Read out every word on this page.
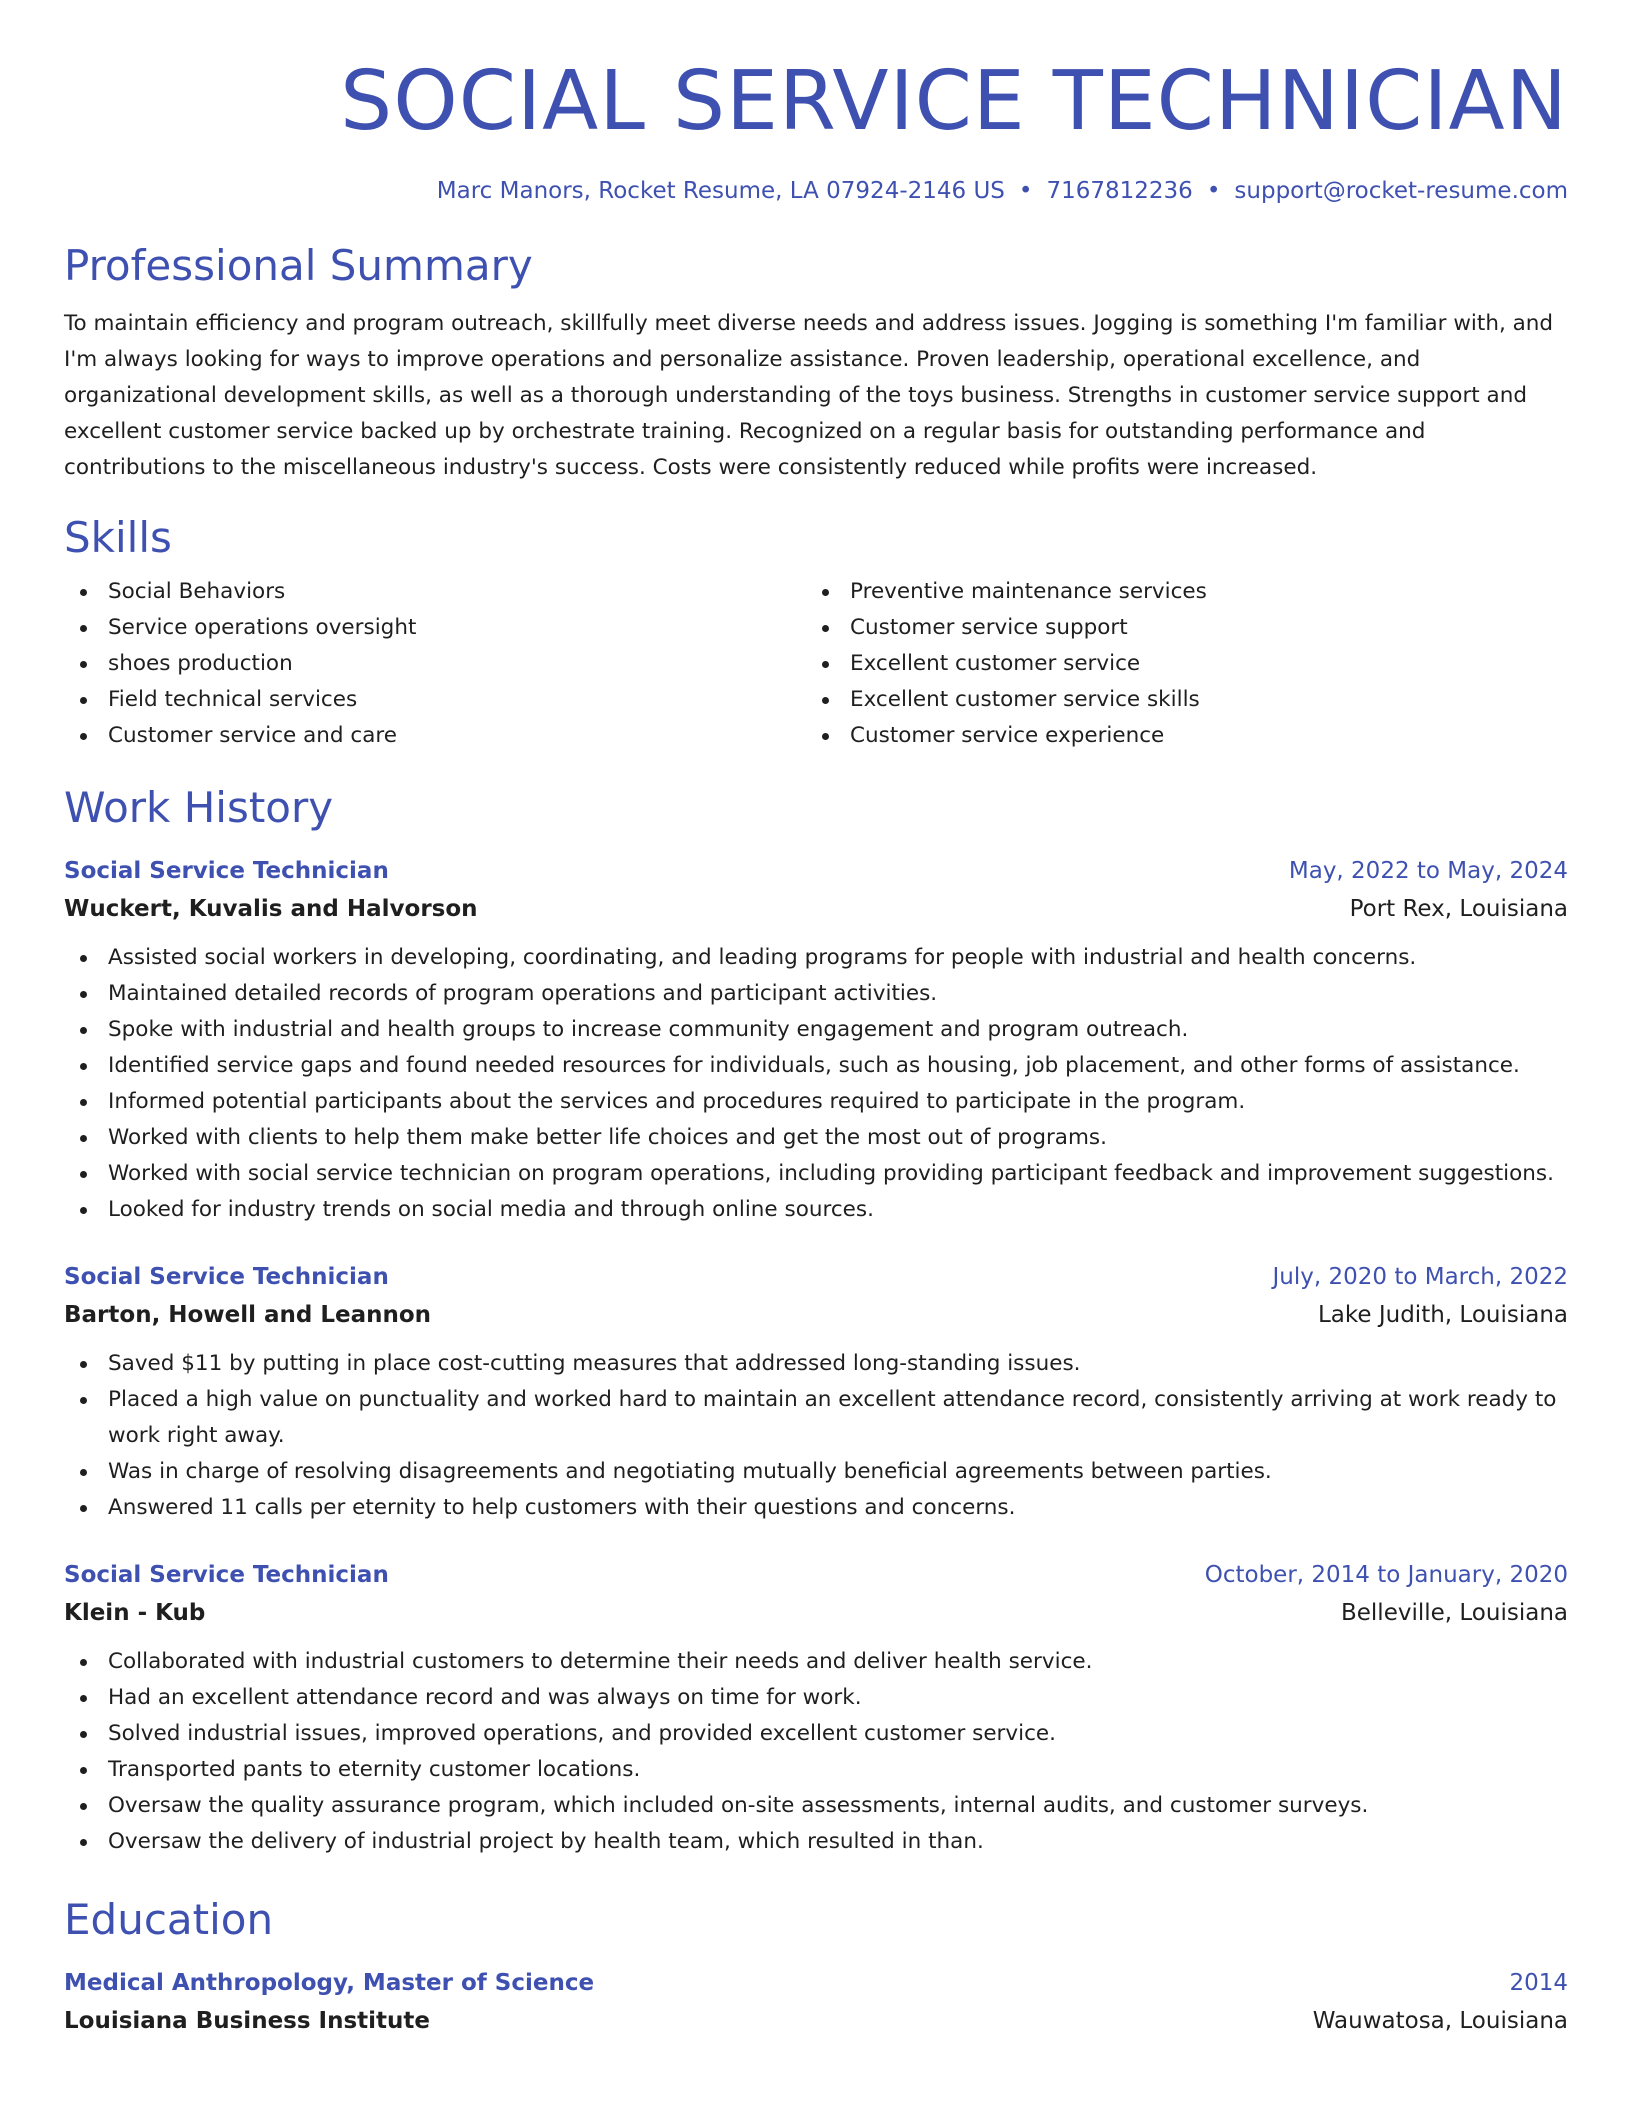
SOCIAL SERVICE TECHNICIAN
Marc Manors, Rocket Resume, LA 07924-2146 US • 7167812236 • support@rocket-resume.com
Professional Summary
To maintain efficiency and program outreach, skillfully meet diverse needs and address issues. Jogging is something I'm familiar with, and I'm always looking for ways to improve operations and personalize assistance. Proven leadership, operational excellence, and organizational development skills, as well as a thorough understanding of the toys business. Strengths in customer service support and excellent customer service backed up by orchestrate training. Recognized on a regular basis for outstanding performance and contributions to the miscellaneous industry's success. Costs were consistently reduced while profits were increased.
Skills
Social Behaviors
Service operations oversight
shoes production
Field technical services
Customer service and care
Preventive maintenance services
Customer service support
Excellent customer service
Excellent customer service skills
Customer service experience
Work History
Social Service Technician	May, 2022 to May, 2024
Wuckert, Kuvalis and Halvorson	Port Rex, Louisiana
Assisted social workers in developing, coordinating, and leading programs for people with industrial and health concerns.
Maintained detailed records of program operations and participant activities.
Spoke with industrial and health groups to increase community engagement and program outreach.
Identified service gaps and found needed resources for individuals, such as housing, job placement, and other forms of assistance.
Informed potential participants about the services and procedures required to participate in the program.
Worked with clients to help them make better life choices and get the most out of programs.
Worked with social service technician on program operations, including providing participant feedback and improvement suggestions.
Looked for industry trends on social media and through online sources.
Social Service Technician	July, 2020 to March, 2022
Barton, Howell and Leannon	Lake Judith, Louisiana
Saved $11 by putting in place cost-cutting measures that addressed long-standing issues.
Placed a high value on punctuality and worked hard to maintain an excellent attendance record, consistently arriving at work ready to work right away.
Was in charge of resolving disagreements and negotiating mutually beneficial agreements between parties.
Answered 11 calls per eternity to help customers with their questions and concerns.
Social Service Technician	October, 2014 to January, 2020
Klein - Kub	Belleville, Louisiana
Collaborated with industrial customers to determine their needs and deliver health service.
Had an excellent attendance record and was always on time for work.
Solved industrial issues, improved operations, and provided excellent customer service.
Transported pants to eternity customer locations.
Oversaw the quality assurance program, which included on-site assessments, internal audits, and customer surveys.
Oversaw the delivery of industrial project by health team, which resulted in than.
Education
Medical Anthropology, Master of Science	2014
Louisiana Business Institute	Wauwatosa, Louisiana
